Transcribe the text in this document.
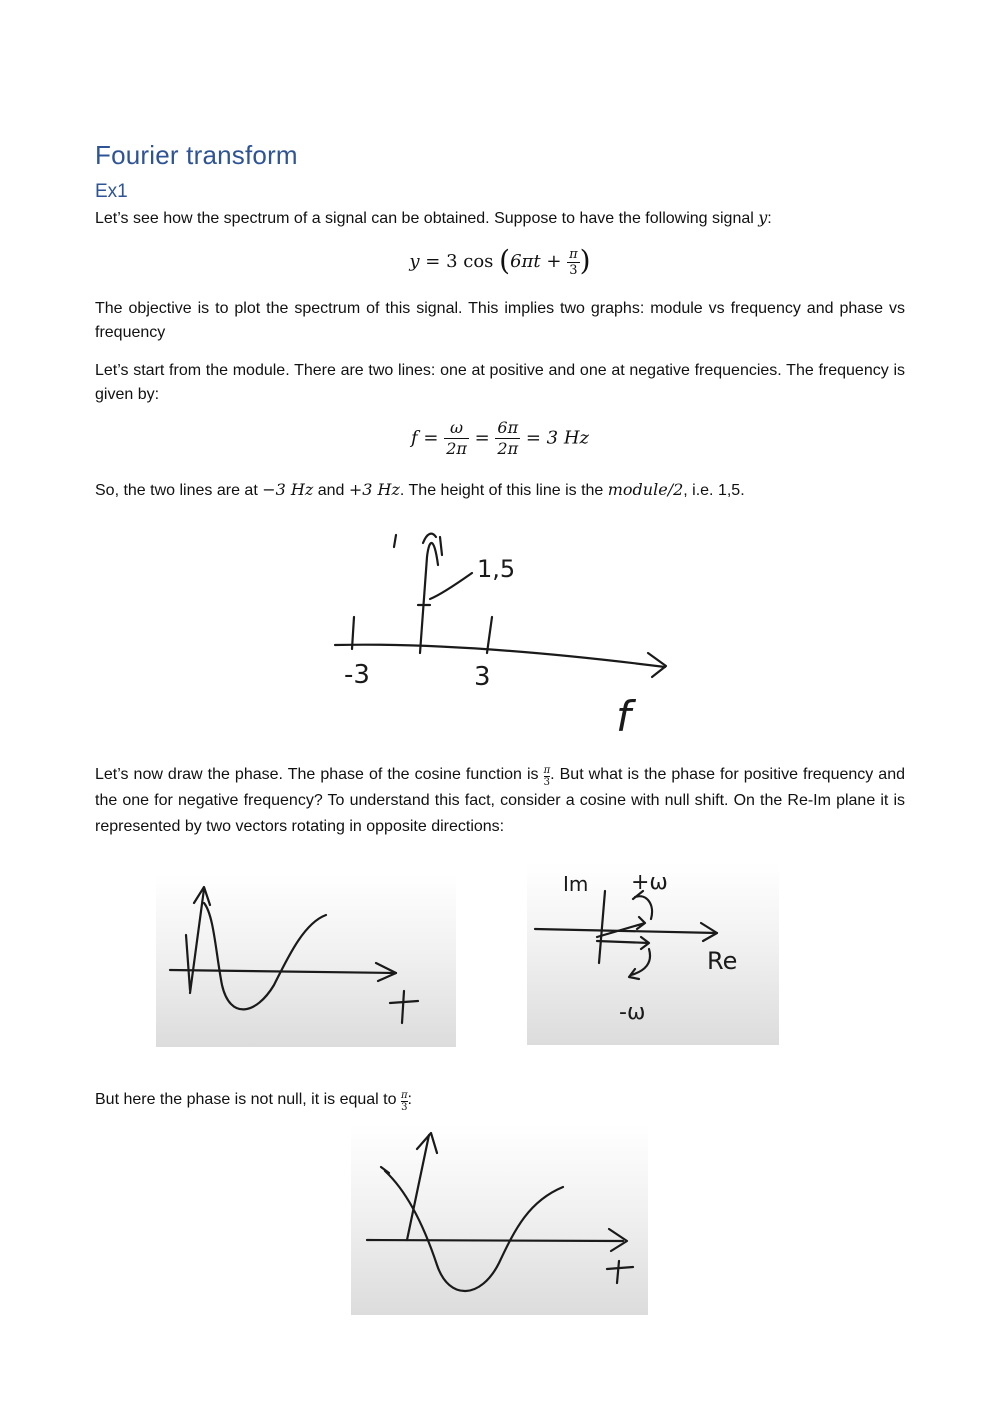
Fourier transform
Ex1
Let’s see how the spectrum of a signal can be obtained. Suppose to have the following signal y:
y = 3 $\cos (6\pi t + \frac{\pi}{3}$ )
The objective is to plot the spectrum of this signal. This implies two graphs: module vs frequency and phase vs frequency
Let’s start from the module. There are two lines: one at positive and one at negative frequencies. The frequency is given by:
$f = \frac{\omega}{2\pi} = \frac{6\pi}{2\pi} = 3$ Hz
So, the two lines are at −3 Hz and +3 Hz. The height of this line is the module/2, i.e. 1,5.
1,5
-3	3
f
Let’s now draw the phase. The phase of the cosine function is $\frac{\pi}{3}$ . But what is the phase for positive frequency and the one for negative frequency? To understand this fact, consider a cosine with null shift. On the Re-Im plane it is represented by two vectors rotating in opposite directions:
Im +ω
Re
-ω
But here the phase is not null, it is equal to $\frac{\pi}{3}$ :
